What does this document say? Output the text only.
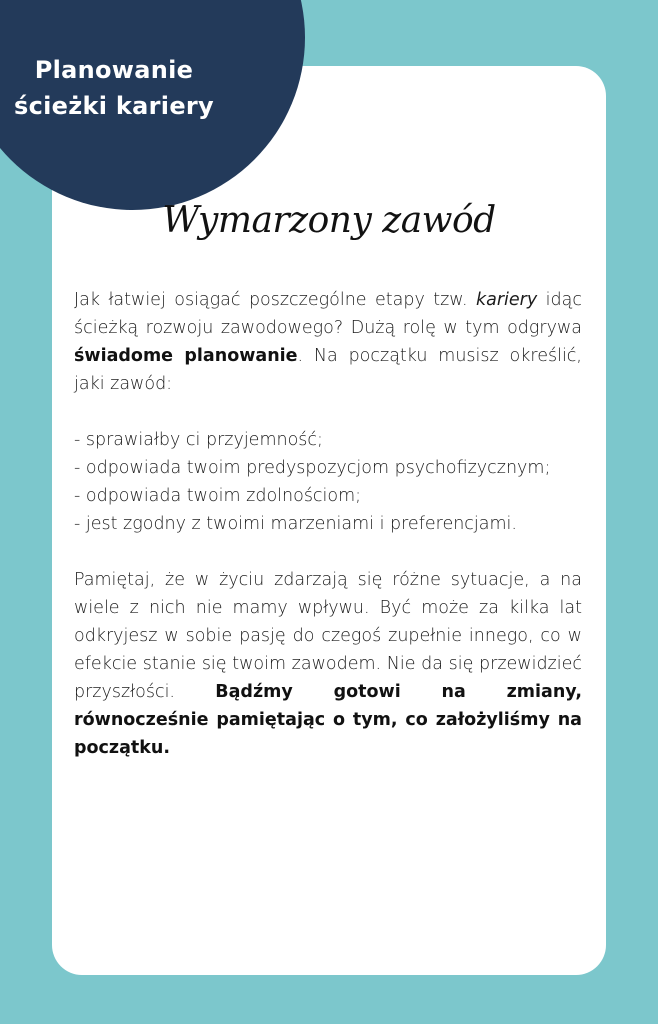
Planowanie
ścieżki kariery
Wymarzony zawód

Jak łatwiej osiągać poszczególne etapy tzw. kariery idąc ścieżką rozwoju zawodowego? Dużą rolę w tym odgrywa świadome planowanie. Na początku musisz określić, jaki zawód:

- sprawiałby ci przyjemność;

- odpowiada twoim predyspozycjom psychofizycznym;

- odpowiada twoim zdolnościom;

- jest zgodny z twoimi marzeniami i preferencjami.

Pamiętaj, że w życiu zdarzają się różne sytuacje, a na wiele z nich nie mamy wpływu. Być może za kilka lat odkryjesz w sobie pasję do czegoś zupełnie innego, co w efekcie stanie się twoim zawodem. Nie da się przewidzieć przyszłości. Bądźmy gotowi na zmiany, równocześnie pamiętając o tym, co założyliśmy na początku.
